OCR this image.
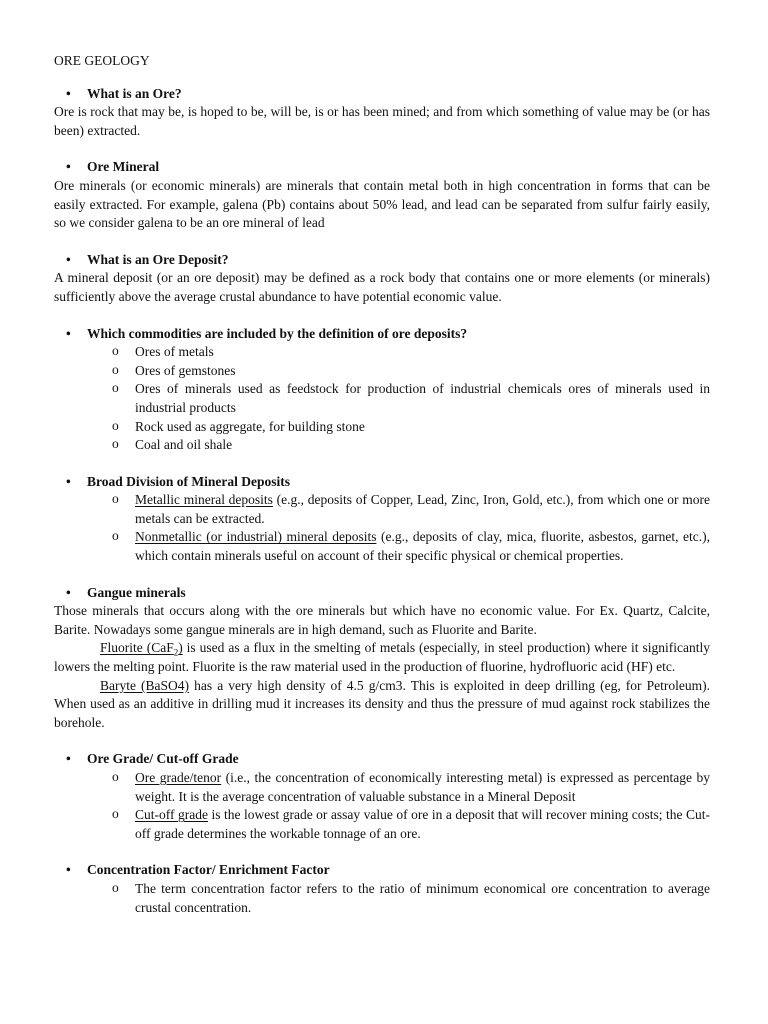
ORE GEOLOGY
• What is an Ore?
Ore is rock that may be, is hoped to be, will be, is or has been mined; and from which something of value may be (or has been) extracted.
• Ore Mineral
Ore minerals (or economic minerals) are minerals that contain metal both in high concentration in forms that can be easily extracted. For example, galena (Pb) contains about 50% lead, and lead can be separated from sulfur fairly easily, so we consider galena to be an ore mineral of lead
• What is an Ore Deposit?
A mineral deposit (or an ore deposit) may be defined as a rock body that contains one or more elements (or minerals) sufficiently above the average crustal abundance to have potential economic value.
• Which commodities are included by the definition of ore deposits?
o Ores of metals
o Ores of gemstones
o Ores of minerals used as feedstock for production of industrial chemicals ores of minerals used in industrial products
o Rock used as aggregate, for building stone
o Coal and oil shale
• Broad Division of Mineral Deposits
o Metallic mineral deposits (e.g., deposits of Copper, Lead, Zinc, Iron, Gold, etc.), from which one or more metals can be extracted.
o Nonmetallic (or industrial) mineral deposits (e.g., deposits of clay, mica, fluorite, asbestos, garnet, etc.), which contain minerals useful on account of their specific physical or chemical properties.
• Gangue minerals
Those minerals that occurs along with the ore minerals but which have no economic value. For Ex. Quartz, Calcite, Barite. Nowadays some gangue minerals are in high demand, such as Fluorite and Barite.
Fluorite (CaF$_2$) is used as a flux in the smelting of metals (especially, in steel production) where it significantly lowers the melting point. Fluorite is the raw material used in the production of fluorine, hydrofluoric acid (HF) etc.
Baryte (BaSO4) has a very high density of 4.5 g/cm3. This is exploited in deep drilling (eg, for Petroleum). When used as an additive in drilling mud it increases its density and thus the pressure of mud against rock stabilizes the borehole.
• Ore Grade/ Cut-off Grade
o Ore grade/tenor (i.e., the concentration of economically interesting metal) is expressed as percentage by weight. It is the average concentration of valuable substance in a Mineral Deposit
o Cut-off grade is the lowest grade or assay value of ore in a deposit that will recover mining costs; the Cut-off grade determines the workable tonnage of an ore.
• Concentration Factor/ Enrichment Factor
o The term concentration factor refers to the ratio of minimum economical ore concentration to average crustal concentration.
